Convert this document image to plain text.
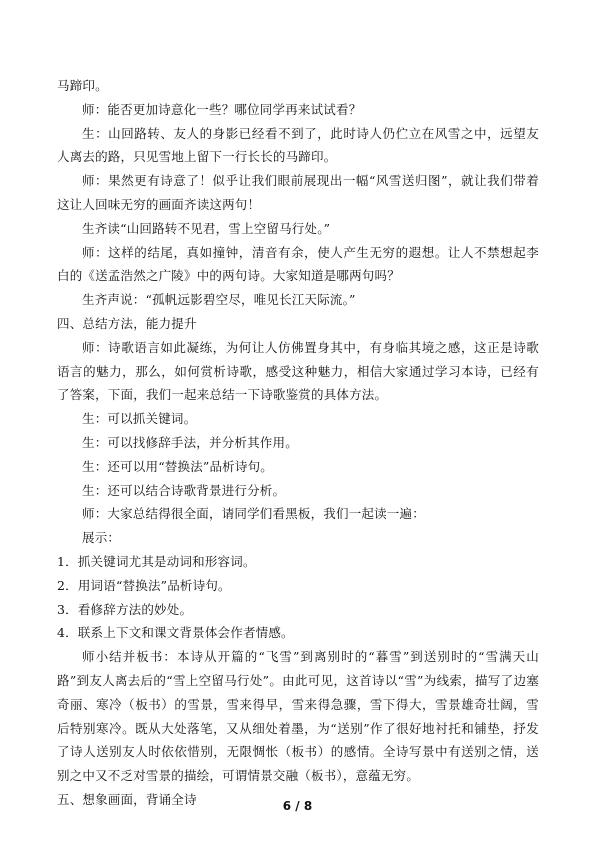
马蹄印。

师：能否更加诗意化一些？哪位同学再来试试看？

生：山回路转、友人的身影已经看不到了，此时诗人仍伫立在风雪之中，远望友人离去的路，只见雪地上留下一行长长的马蹄印。

师：果然更有诗意了！似乎让我们眼前展现出一幅“风雪送归图”，就让我们带着这让人回味无穷的画面齐读这两句！

生齐读“山回路转不见君，雪上空留马行处。”

师：这样的结尾，真如撞钟，清音有余，使人产生无穷的遐想。让人不禁想起李白的《送孟浩然之广陵》中的两句诗。大家知道是哪两句吗？

生齐声说：“孤帆远影碧空尽，唯见长江天际流。”

四、总结方法，能力提升

师：诗歌语言如此凝练，为何让人仿佛置身其中，有身临其境之感，这正是诗歌语言的魅力，那么，如何赏析诗歌，感受这种魅力，相信大家通过学习本诗，已经有了答案，下面，我们一起来总结一下诗歌鉴赏的具体方法。

生：可以抓关键词。

生：可以找修辞手法，并分析其作用。

生：还可以用“替换法”品析诗句。

生：还可以结合诗歌背景进行分析。

师：大家总结得很全面，请同学们看黑板，我们一起读一遍：

展示：

1．抓关键词尤其是动词和形容词。

2．用词语“替换法”品析诗句。

3．看修辞方法的妙处。

4．联系上下文和课文背景体会作者情感。

师小结并板书：本诗从开篇的“飞雪”到离别时的“暮雪”到送别时的“雪满天山路”到友人离去后的“雪上空留马行处”。由此可见，这首诗以“雪”为线索，描写了边塞奇丽、寒冷（板书）的雪景，雪来得早，雪来得急骤，雪下得大，雪景雄奇壮阔，雪后特别寒冷。既从大处落笔，又从细处着墨，为“送别”作了很好地衬托和铺垫，抒发了诗人送别友人时依依惜别，无限惆怅（板书）的感情。全诗写景中有送别之情，送别之中又不乏对雪景的描绘，可谓情景交融（板书），意蕴无穷。

五、想象画面，背诵全诗	6 / 8
